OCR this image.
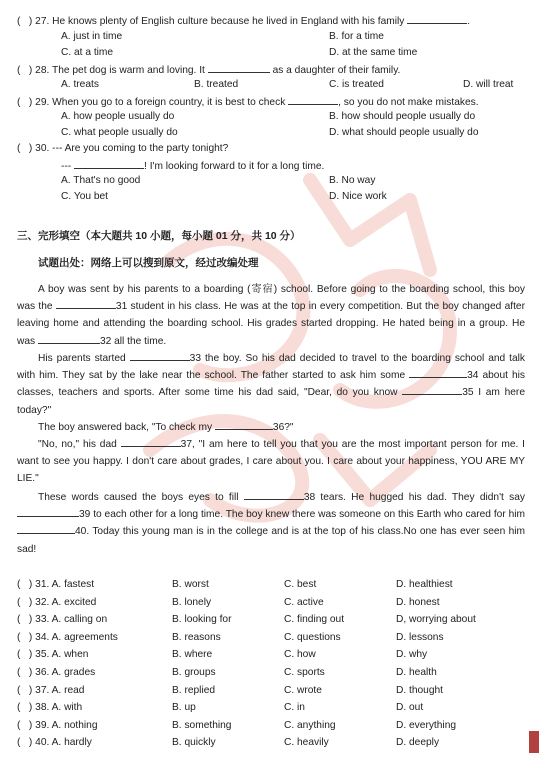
( ) 27. He knows plenty of English culture because he lived in England with his family	.
A. just in time	B. for a time
C. at a time	D. at the same time
( ) 28. The pet dog is warm and loving. It	as a daughter of their family.
A. treats	B. treated	C. is treated	D. will treat
( ) 29. When you go to a foreign country, it is best to check	, so you do not make mistakes.
A. how people usually do	B. how should people usually do
C. what people usually do	D. what should people usually do
( ) 30. --- Are you coming to the party tonight?
---	! I'm looking forward to it for a long time.
A. That's no good	B. No way
C. You bet	D. Nice work
三、完形填空（本大题共 10 小题，每小题 01 分，共 10 分）
试题出处：网络上可以搜到原文，经过改编处理
A boy was sent by his parents to a boarding (寄宿) school. Before going to the boarding school, this boy was the	31 student in his class. He was at the top in every competition. But the boy changed after leaving home and attending the boarding school. His grades started dropping. He hated being in a group. He was	32 all the time.
His parents started	33 the boy. So his dad decided to travel to the boarding school and talk with him. They sat by the lake near the school. The father started to ask him some	34 about his classes, teachers and sports. After some time his dad said, "Dear, do you know	35 I am here today?"
The boy answered back, "To check my	36?"
"No, no," his dad	37, "I am here to tell you that you are the most important person for me. I want to see you happy. I don't care about grades, I care about you. I care about your happiness, YOU ARE MY LIE."
These words caused the boys eyes to fill	38 tears. He hugged his dad. They didn't say 39 to each other for a long time. The boy knew there was someone on this Earth who cared for him 40. Today this young man is in the college and is at the top of his class.No one has ever seen him sad!
( ) 31. A. fastest	B. worst	C. best	D. healthiest
( ) 32. A. excited	B. lonely	C. active	D. honest
( ) 33. A. calling on	B. looking for	C. finding out	D, worrying about
( ) 34. A. agreements	B. reasons	C. questions	D. lessons
( ) 35. A. when	B. where	C. how	D. why
( ) 36. A. grades	B. groups	C. sports	D. health
( ) 37. A. read	B. replied	C. wrote	D. thought
( ) 38. A. with	B. up	C. in	D. out
( ) 39. A. nothing	B. something	C. anything	D. everything
( ) 40. A. hardly	B. quickly	C. heavily	D. deeply
